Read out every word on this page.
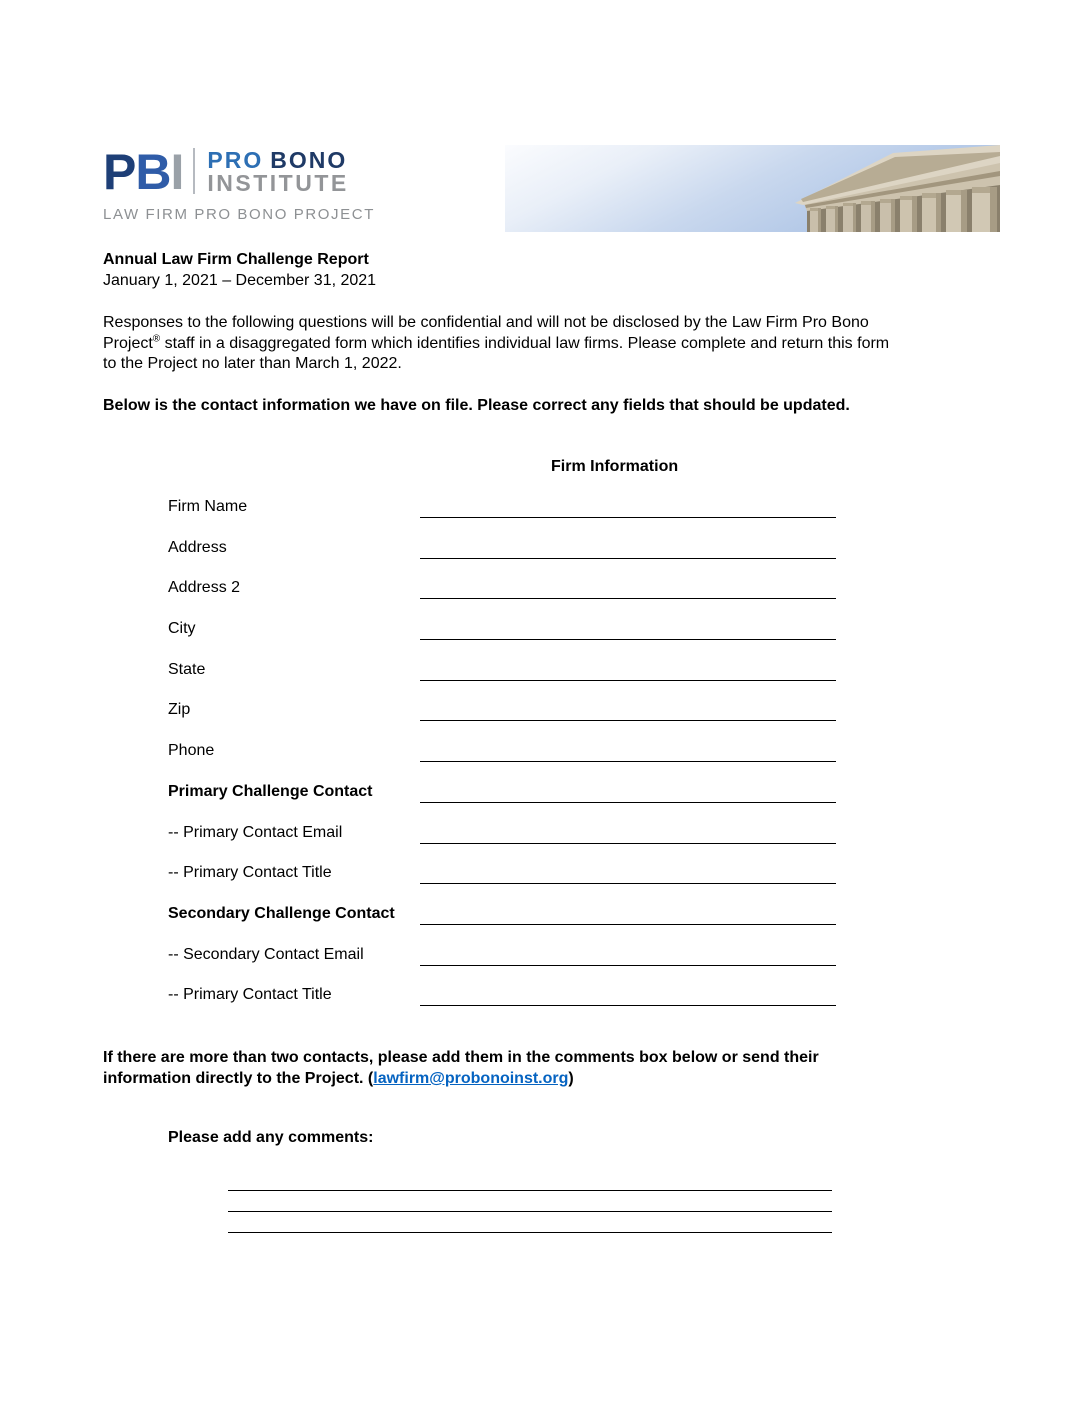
PBI PRO BONO
INSTITUTE
LAW FIRM PRO BONO PROJECT
Annual Law Firm Challenge Report
January 1, 2021 – December 31, 2021
Responses to the following questions will be confidential and will not be disclosed by the Law Firm Pro Bono
Project® staff in a disaggregated form which identifies individual law firms. Please complete and return this form
to the Project no later than March 1, 2022.
Below is the contact information we have on file. Please correct any fields that should be updated.
Firm Information
Firm Name
Address
Address 2
City
State
Zip
Phone
Primary Challenge Contact
-- Primary Contact Email
-- Primary Contact Title
Secondary Challenge Contact
-- Secondary Contact Email
-- Primary Contact Title
If there are more than two contacts, please add them in the comments box below or send their
information directly to the Project. (lawfirm@probonoinst.org)
Please add any comments:
